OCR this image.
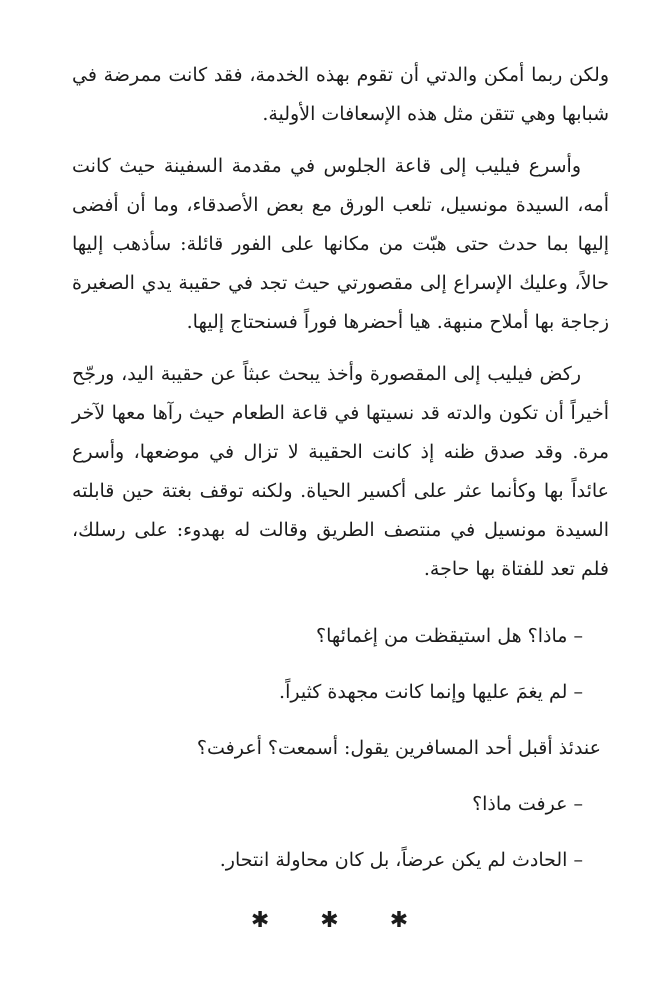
ولكن ربما أمكن والدتي أن تقوم بهذه الخدمة، فقد كانت ممرضة في شبابها وهي تتقن مثل هذه الإسعافات الأولية.

وأسرع فيليب إلى قاعة الجلوس في مقدمة السفينة حيث كانت أمه، السيدة مونسيل، تلعب الورق مع بعض الأصدقاء، وما أن أفضى إليها بما حدث حتى هبّت من مكانها على الفور قائلة: سأذهب إليها حالاً، وعليك الإسراع إلى مقصورتي حيث تجد في حقيبة يدي الصغيرة زجاجة بها أملاح منبهة. هيا أحضرها فوراً فسنحتاج إليها.

ركض فيليب إلى المقصورة وأخذ يبحث عبثاً عن حقيبة اليد، ورجّح أخيراً أن تكون والدته قد نسيتها في قاعة الطعام حيث رآها معها لآخر مرة. وقد صدق ظنه إذ كانت الحقيبة لا تزال في موضعها، وأسرع عائداً بها وكأنما عثر على أكسير الحياة. ولكنه توقف بغتة حين قابلته السيدة مونسيل في منتصف الطريق وقالت له بهدوء: على رسلك، فلم تعد للفتاة بها حاجة.

– ماذا؟ هل استيقظت من إغمائها؟

– لم يغمَ عليها وإنما كانت مجهدة كثيراً.

عندئذ أقبل أحد المسافرين يقول: أسمعت؟ أعرفت؟

– عرفت ماذا؟

– الحادث لم يكن عرضاً، بل كان محاولة انتحار.

✱ ✱ ✱
